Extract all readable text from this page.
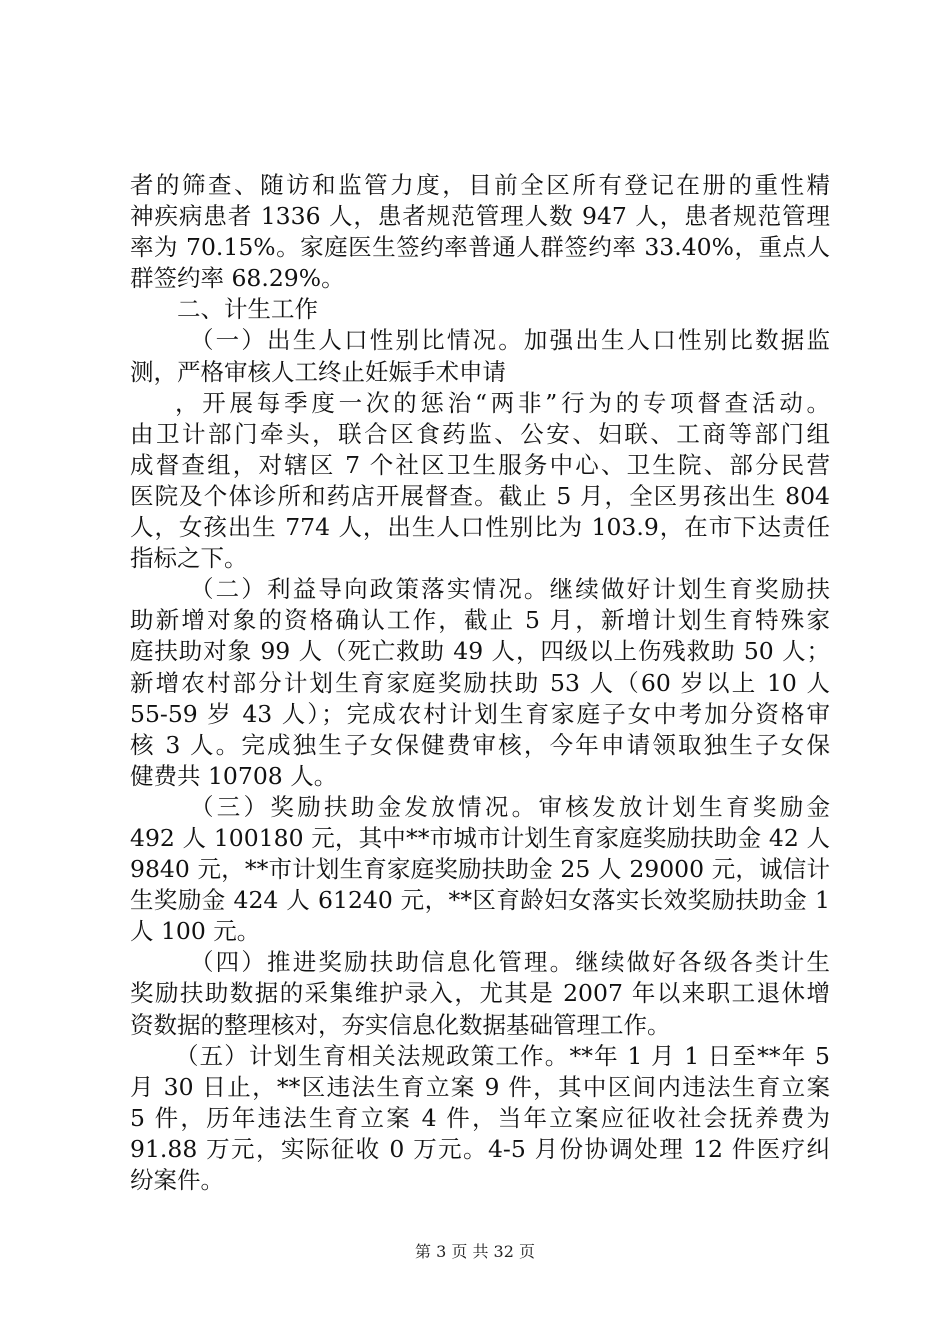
者的筛查、随访和监管力度，目前全区所有登记在册的重性精
神疾病患者 1336 人，患者规范管理人数 947 人，患者规范管理
率为 70.15%。家庭医生签约率普通人群签约率 33.40%，重点人
群签约率 68.29%。
二、计生工作
（一）出生人口性别比情况。加强出生人口性别比数据监
测，严格审核人工终止妊娠手术申请
，开展每季度一次的惩治“两非”行为的专项督查活动。
由卫计部门牵头，联合区食药监、公安、妇联、工商等部门组
成督查组，对辖区 7 个社区卫生服务中心、卫生院、部分民营
医院及个体诊所和药店开展督查。截止 5 月，全区男孩出生 804
人，女孩出生 774 人，出生人口性别比为 103.9，在市下达责任
指标之下。
（二）利益导向政策落实情况。继续做好计划生育奖励扶
助新增对象的资格确认工作，截止 5 月，新增计划生育特殊家
庭扶助对象 99 人（死亡救助 49 人，四级以上伤残救助 50 人；
新增农村部分计划生育家庭奖励扶助 53 人（60 岁以上 10 人
55-59 岁 43 人）；完成农村计划生育家庭子女中考加分资格审
核 3 人。完成独生子女保健费审核，今年申请领取独生子女保
健费共 10708 人。
（三）奖励扶助金发放情况。审核发放计划生育奖励金
492 人 100180 元，其中**市城市计划生育家庭奖励扶助金 42 人
9840 元，**市计划生育家庭奖励扶助金 25 人 29000 元，诚信计
生奖励金 424 人 61240 元，**区育龄妇女落实长效奖励扶助金 1
人 100 元。
（四）推进奖励扶助信息化管理。继续做好各级各类计生
奖励扶助数据的采集维护录入，尤其是 2007 年以来职工退休增
资数据的整理核对，夯实信息化数据基础管理工作。
（五）计划生育相关法规政策工作。**年 1 月 1 日至**年 5
月 30 日止，**区违法生育立案 9 件，其中区间内违法生育立案
5 件，历年违法生育立案 4 件，当年立案应征收社会抚养费为
91.88 万元，实际征收 0 万元。4-5 月份协调处理 12 件医疗纠
纷案件。
第 3 页 共 32 页
